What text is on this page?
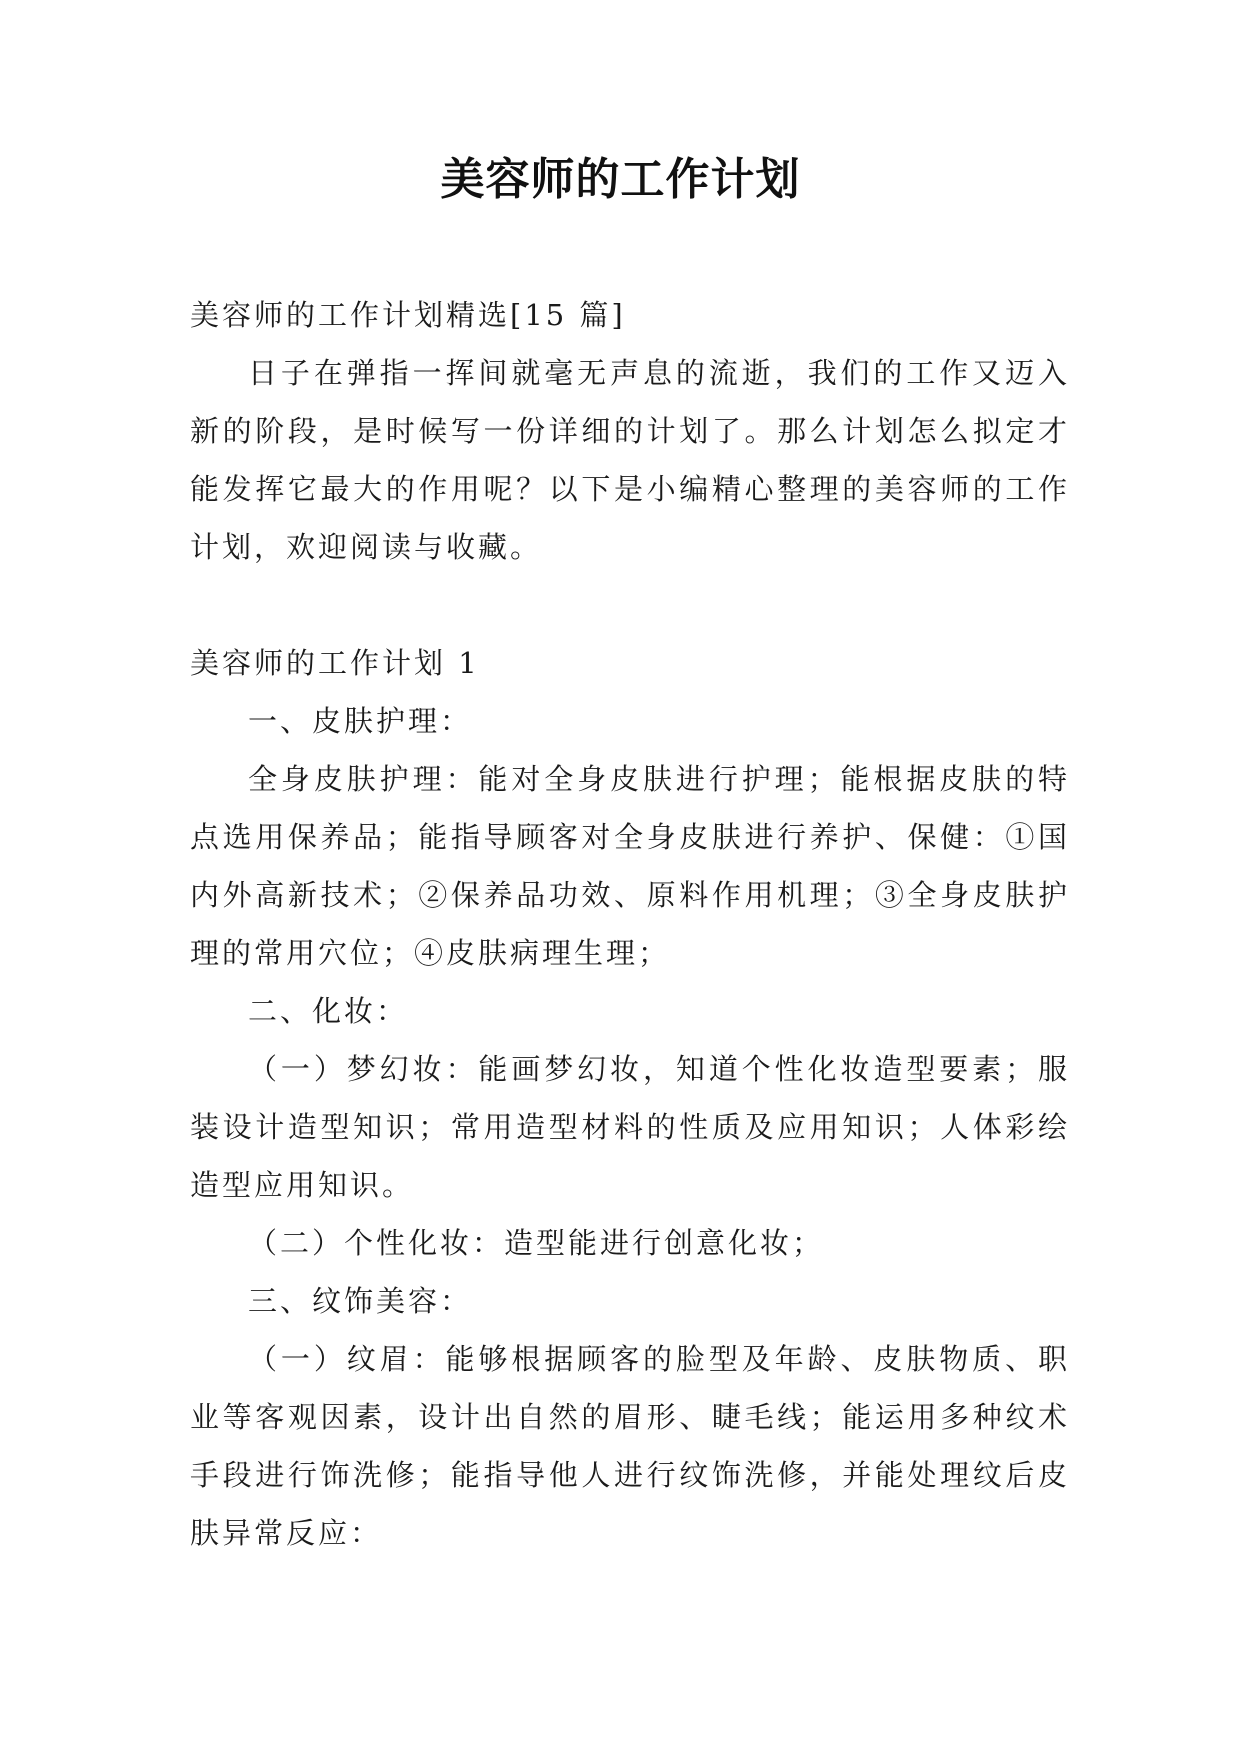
美容师的工作计划

美容师的工作计划精选[15 篇]

日子在弹指一挥间就毫无声息的流逝，我们的工作又迈入新的阶段，是时候写一份详细的计划了。那么计划怎么拟定才能发挥它最大的作用呢？以下是小编精心整理的美容师的工作计划，欢迎阅读与收藏。

美容师的工作计划 1

一、皮肤护理：

全身皮肤护理：能对全身皮肤进行护理；能根据皮肤的特点选用保养品；能指导顾客对全身皮肤进行养护、保健：①国内外高新技术；②保养品功效、原料作用机理；③全身皮肤护理的常用穴位；④皮肤病理生理；

二、化妆：

（一）梦幻妆：能画梦幻妆，知道个性化妆造型要素；服装设计造型知识；常用造型材料的性质及应用知识；人体彩绘造型应用知识。

（二）个性化妆：造型能进行创意化妆；

三、纹饰美容：

（一）纹眉：能够根据顾客的脸型及年龄、皮肤物质、职业等客观因素，设计出自然的眉形、睫毛线；能运用多种纹术手段进行饰洗修；能指导他人进行纹饰洗修，并能处理纹后皮肤异常反应：
